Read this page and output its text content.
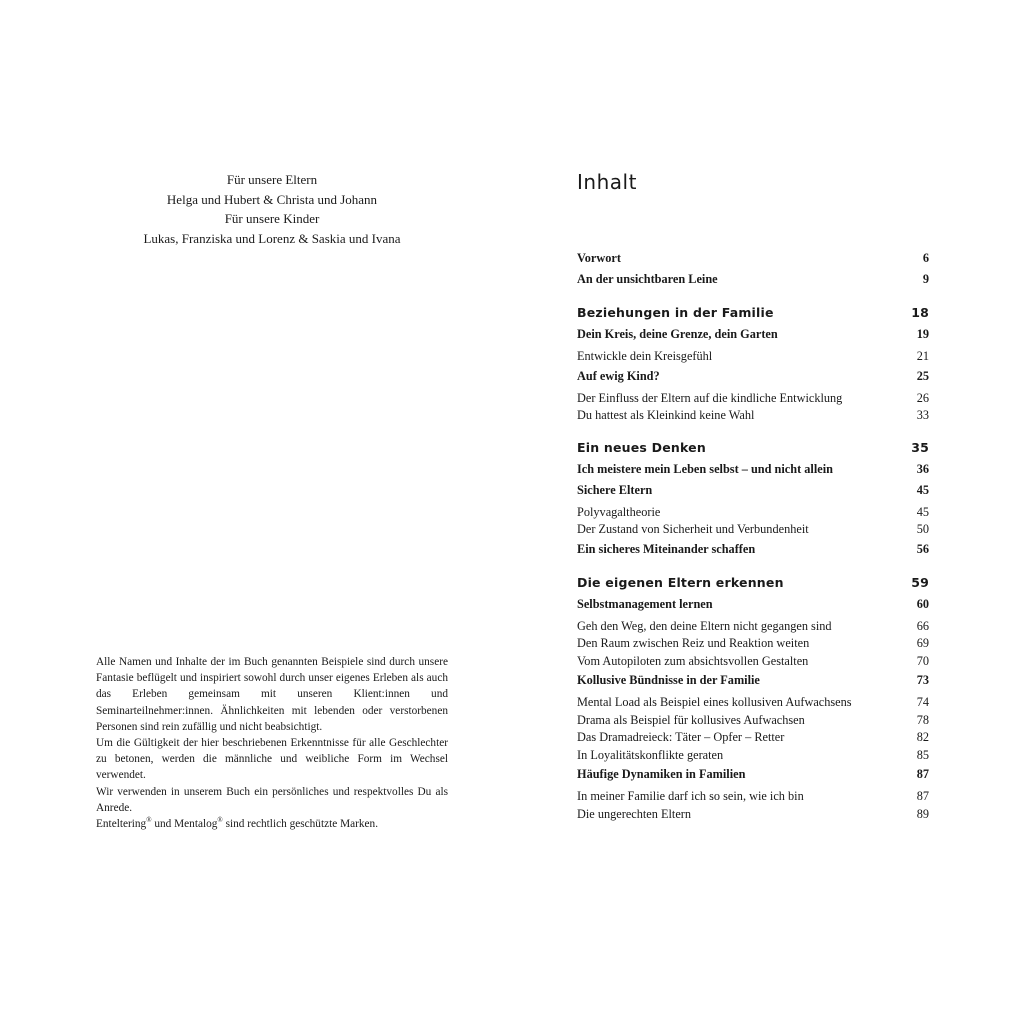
Für unsere Eltern
Helga und Hubert & Christa und Johann
Für unsere Kinder
Lukas, Franziska und Lorenz & Saskia und Ivana

Alle Namen und Inhalte der im Buch genannten Beispiele sind durch unsere Fantasie beflügelt und inspiriert sowohl durch unser eigenes Erleben als auch das Erleben gemeinsam mit unseren Klient:innen und Seminarteilnehmer:innen. Ähnlichkeiten mit lebenden oder verstorbenen Personen sind rein zufällig und nicht beabsichtigt.

Um die Gültigkeit der hier beschriebenen Erkenntnisse für alle Geschlechter zu betonen, werden die männliche und weibliche Form im Wechsel verwendet.

Wir verwenden in unserem Buch ein persönliches und respektvolles Du als Anrede.

Enteltering® und Mentalog® sind rechtlich geschützte Marken.

Inhalt
Vorwort	6
An der unsichtbaren Leine	9
Beziehungen in der Familie	18
Dein Kreis, deine Grenze, dein Garten	19
Entwickle dein Kreisgefühl	21
Auf ewig Kind?	25
Der Einfluss der Eltern auf die kindliche Entwicklung	26
Du hattest als Kleinkind keine Wahl	33
Ein neues Denken	35
Ich meistere mein Leben selbst – und nicht allein	36
Sichere Eltern	45
Polyvagaltheorie	45
Der Zustand von Sicherheit und Verbundenheit	50
Ein sicheres Miteinander schaffen	56
Die eigenen Eltern erkennen	59
Selbstmanagement lernen	60
Geh den Weg, den deine Eltern nicht gegangen sind	66
Den Raum zwischen Reiz und Reaktion weiten	69
Vom Autopiloten zum absichtsvollen Gestalten	70
Kollusive Bündnisse in der Familie	73
Mental Load als Beispiel eines kollusiven Aufwachsens	74
Drama als Beispiel für kollusives Aufwachsen	78
Das Dramadreieck: Täter – Opfer – Retter	82
In Loyalitätskonflikte geraten	85
Häufige Dynamiken in Familien	87
In meiner Familie darf ich so sein, wie ich bin	87
Die ungerechten Eltern	89
